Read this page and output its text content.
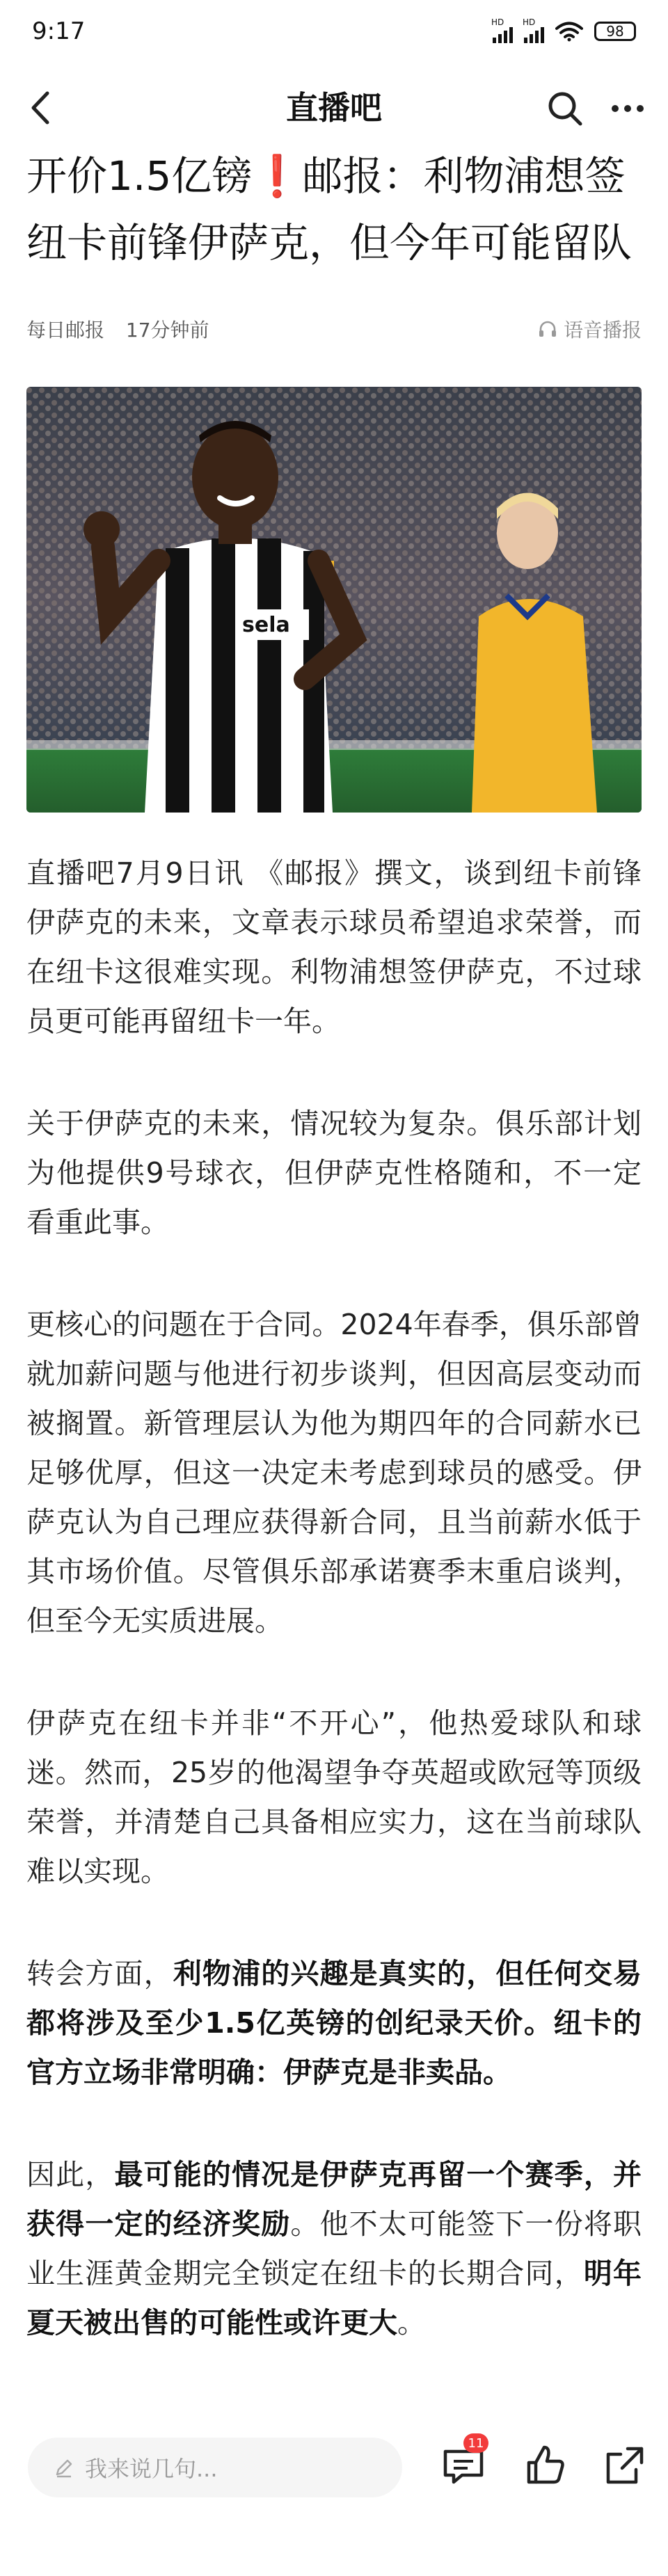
9:17	HD HD
98
直播吧
开价1.5亿镑❗️邮报：利物浦想签纽卡前锋伊萨克，但今年可能留队
每日邮报 17分钟前	语音播报
sela

直播吧7月9日讯 《邮报》撰文，谈到纽卡前锋伊萨克的未来，文章表示球员希望追求荣誉，而在纽卡这很难实现。利物浦想签伊萨克，不过球员更可能再留纽卡一年。

关于伊萨克的未来，情况较为复杂。俱乐部计划为他提供9号球衣，但伊萨克性格随和，不一定看重此事。

更核心的问题在于合同。2024年春季，俱乐部曾就加薪问题与他进行初步谈判，但因高层变动而被搁置。新管理层认为他为期四年的合同薪水已足够优厚，但这一决定未考虑到球员的感受。伊萨克认为自己理应获得新合同，且当前薪水低于其市场价值。尽管俱乐部承诺赛季末重启谈判，但至今无实质进展。

伊萨克在纽卡并非“不开心”，他热爱球队和球迷。然而，25岁的他渴望争夺英超或欧冠等顶级荣誉，并清楚自己具备相应实力，这在当前球队难以实现。

转会方面，利物浦的兴趣是真实的，但任何交易都将涉及至少1.5亿英镑的创纪录天价。纽卡的官方立场非常明确：伊萨克是非卖品。

因此，最可能的情况是伊萨克再留一个赛季，并获得一定的经济奖励。他不太可能签下一份将职业生涯黄金期完全锁定在纽卡的长期合同，明年夏天被出售的可能性或许更大。

我来说几句...
11
